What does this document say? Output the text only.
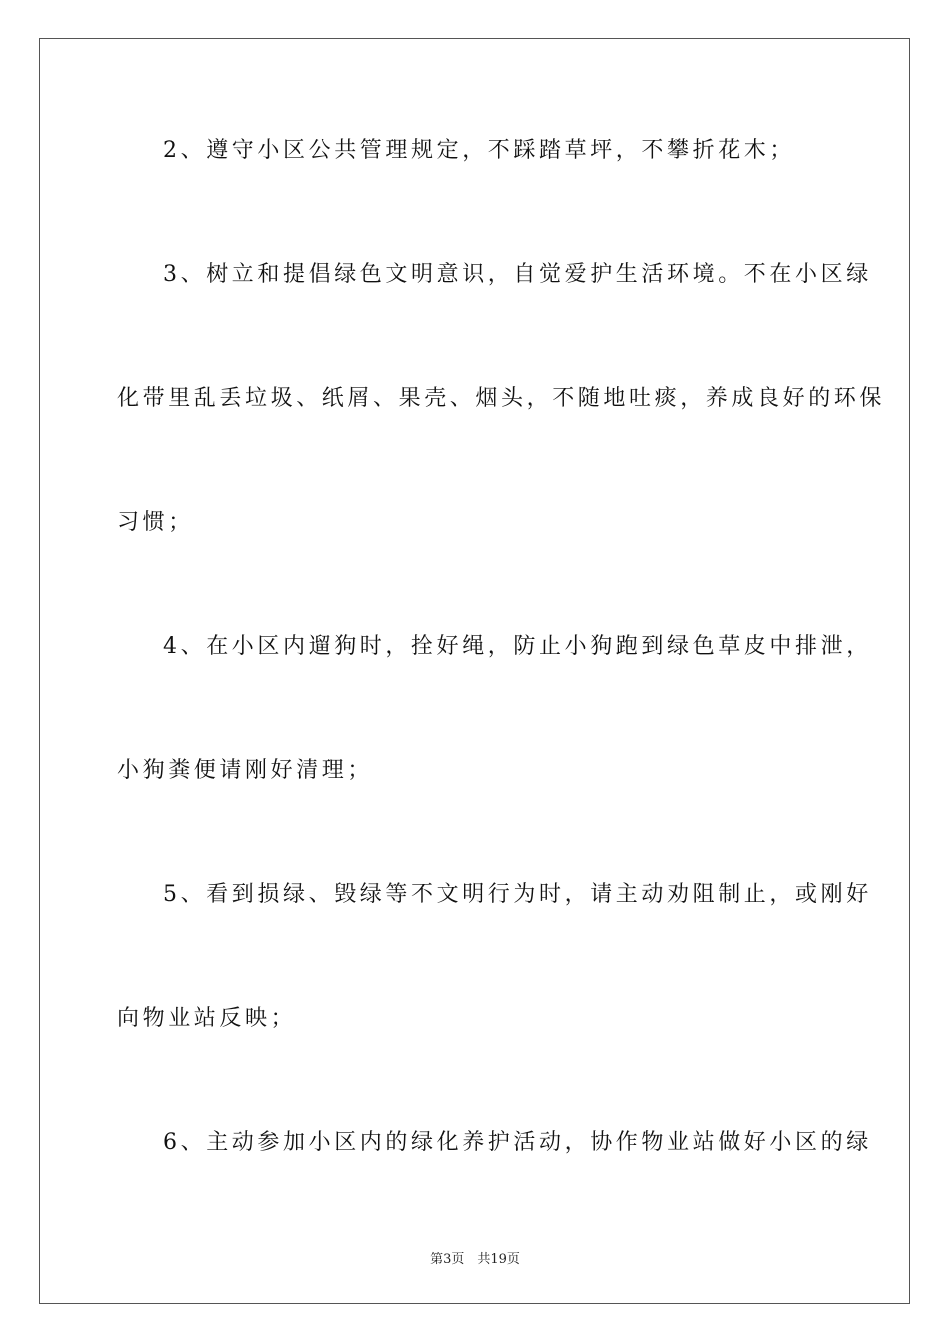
2、遵守小区公共管理规定，不踩踏草坪，不攀折花木；
3、树立和提倡绿色文明意识，自觉爱护生活环境。不在小区绿
化带里乱丢垃圾、纸屑、果壳、烟头，不随地吐痰，养成良好的环保
习惯；
4、在小区内遛狗时，拴好绳，防止小狗跑到绿色草皮中排泄，
小狗粪便请刚好清理；
5、看到损绿、毁绿等不文明行为时，请主动劝阻制止，或刚好
向物业站反映；
6、主动参加小区内的绿化养护活动，协作物业站做好小区的绿
第3页　共19页
